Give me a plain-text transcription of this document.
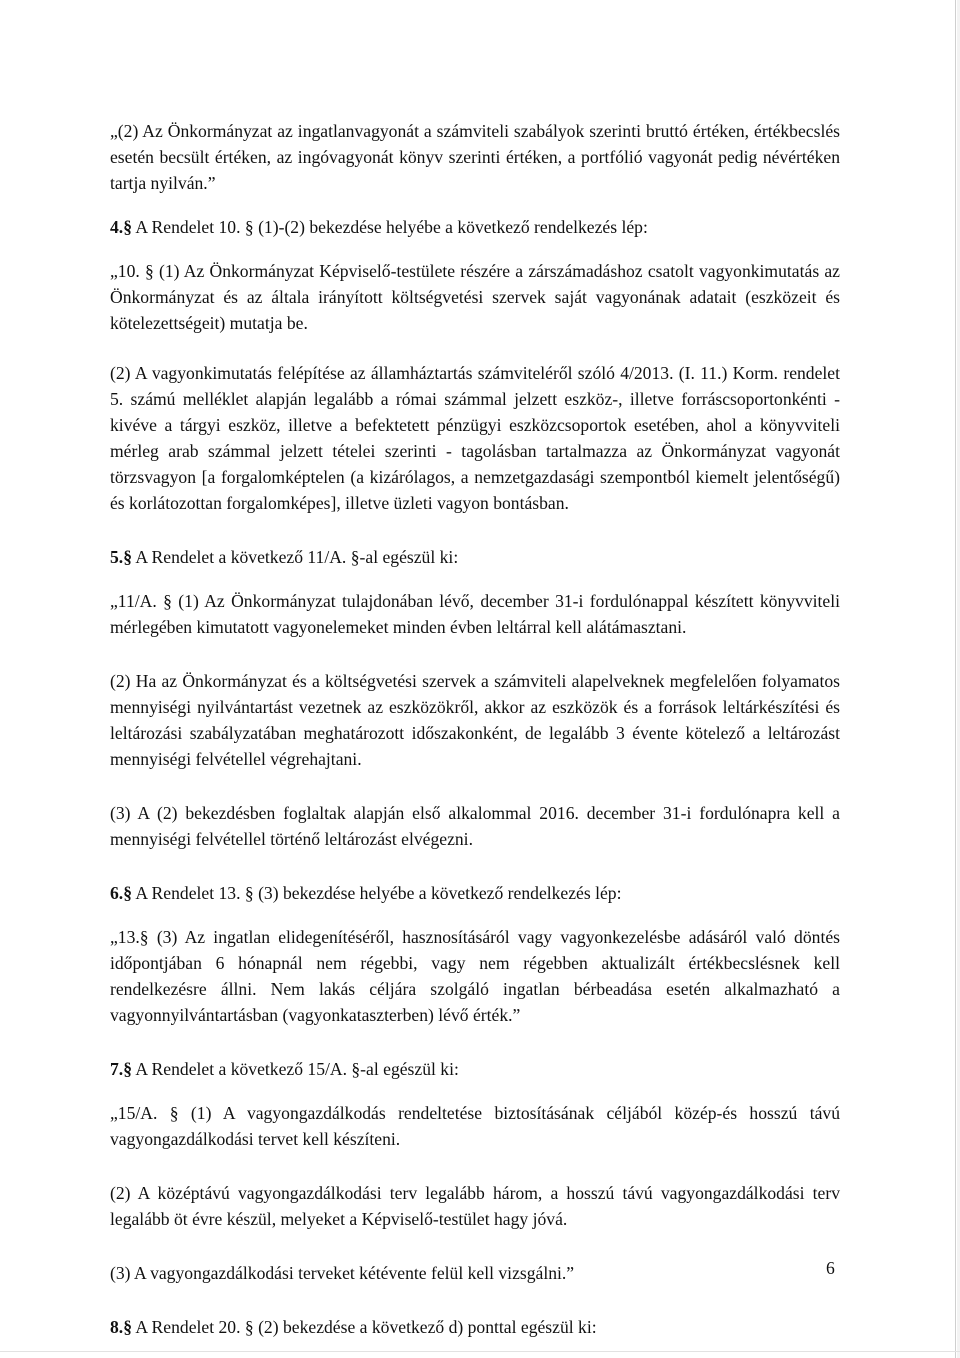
„(2) Az Önkormányzat az ingatlanvagyonát a számviteli szabályok szerinti bruttó értéken, értékbecslés esetén becsült értéken, az ingóvagyonát könyv szerinti értéken, a portfólió vagyonát pedig névértéken tartja nyilván.”

4.§ A Rendelet 10. § (1)-(2) bekezdése helyébe a következő rendelkezés lép:

„10. § (1) Az Önkormányzat Képviselő-testülete részére a zárszámadáshoz csatolt vagyonkimutatás az Önkormányzat és az általa irányított költségvetési szervek saját vagyonának adatait (eszközeit és kötelezettségeit) mutatja be.

(2) A vagyonkimutatás felépítése az államháztartás számviteléről szóló 4/2013. (I. 11.) Korm. rendelet 5. számú melléklet alapján legalább a római számmal jelzett eszköz-, illetve forráscsoportonkénti - kivéve a tárgyi eszköz, illetve a befektetett pénzügyi eszközcsoportok esetében, ahol a könyvviteli mérleg arab számmal jelzett tételei szerinti - tagolásban tartalmazza az Önkormányzat vagyonát törzsvagyon [a forgalomképtelen (a kizárólagos, a nemzetgazdasági szempontból kiemelt jelentőségű) és korlátozottan forgalomképes], illetve üzleti vagyon bontásban.

5.§ A Rendelet a következő 11/A. §-al egészül ki:

„11/A. § (1) Az Önkormányzat tulajdonában lévő, december 31-i fordulónappal készített könyvviteli mérlegében kimutatott vagyonelemeket minden évben leltárral kell alátámasztani.

(2) Ha az Önkormányzat és a költségvetési szervek a számviteli alapelveknek megfelelően folyamatos mennyiségi nyilvántartást vezetnek az eszközökről, akkor az eszközök és a források leltárkészítési és leltározási szabályzatában meghatározott időszakonként, de legalább 3 évente kötelező a leltározást mennyiségi felvétellel végrehajtani.

(3) A (2) bekezdésben foglaltak alapján első alkalommal 2016. december 31-i fordulónapra kell a mennyiségi felvétellel történő leltározást elvégezni.

6.§ A Rendelet 13. § (3) bekezdése helyébe a következő rendelkezés lép:

„13.§ (3) Az ingatlan elidegenítéséről, hasznosításáról vagy vagyonkezelésbe adásáról való döntés időpontjában 6 hónapnál nem régebbi, vagy nem régebben aktualizált értékbecslésnek kell rendelkezésre állni. Nem lakás céljára szolgáló ingatlan bérbeadása esetén alkalmazható a vagyonnyilvántartásban (vagyonkataszterben) lévő érték.”

7.§ A Rendelet a következő 15/A. §-al egészül ki:

„15/A. § (1) A vagyongazdálkodás rendeltetése biztosításának céljából közép-és hosszú távú vagyongazdálkodási tervet kell készíteni.

(2) A középtávú vagyongazdálkodási terv legalább három, a hosszú távú vagyongazdálkodási terv legalább öt évre készül, melyeket a Képviselő-testület hagy jóvá.

(3) A vagyongazdálkodási terveket kétévente felül kell vizsgálni.”

8.§ A Rendelet 20. § (2) bekezdése a következő d) ponttal egészül ki:

6
